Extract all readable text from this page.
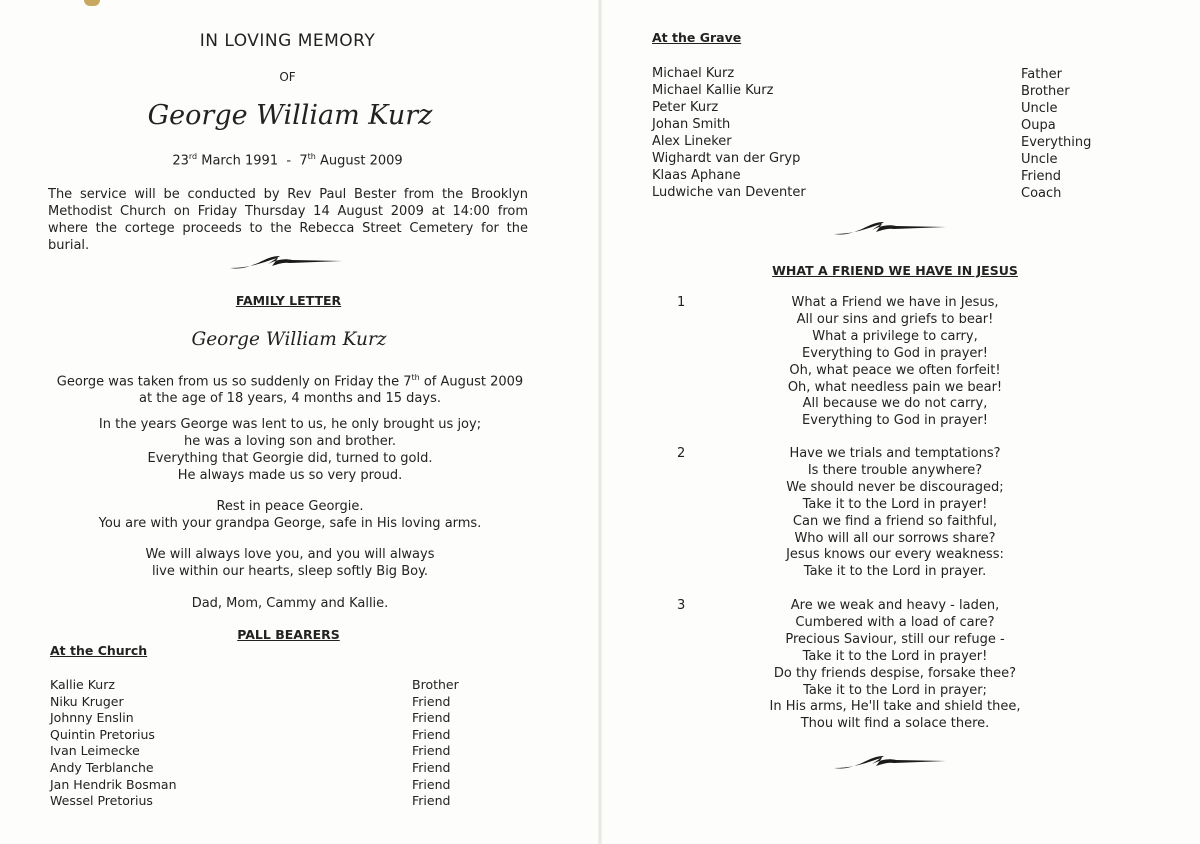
IN LOVING MEMORY
OF
George William Kurz
23rd March 1991  -  7th August 2009
The service will be conducted by Rev Paul Bester from the Brooklyn Methodist Church on Friday Thursday 14 August 2009 at 14:00 from where the cortege proceeds to the Rebecca Street Cemetery for the burial.
FAMILY LETTER
George William Kurz
George was taken from us so suddenly on Friday the 7th of August 2009
at the age of 18 years, 4 months and 15 days.
In the years George was lent to us, he only brought us joy;
he was a loving son and brother.
Everything that Georgie did, turned to gold.
He always made us so very proud.
Rest in peace Georgie.
You are with your grandpa George, safe in His loving arms.
We will always love you, and you will always
live within our hearts, sleep softly Big Boy.
Dad, Mom, Cammy and Kallie.
PALL BEARERS
At the Church
Kallie Kurz	Brother
Niku Kruger	Friend
Johnny Enslin	Friend
Quintin Pretorius	Friend
Ivan Leimecke	Friend
Andy Terblanche	Friend
Jan Hendrik Bosman	Friend
Wessel Pretorius	Friend
At the Grave
Michael Kurz	Father
Michael Kallie Kurz	Brother
Peter Kurz	Uncle
Johan Smith	Oupa
Alex Lineker	Everything
Wighardt van der Gryp	Uncle
Klaas Aphane	Friend
Ludwiche van Deventer	Coach
WHAT A FRIEND WE HAVE IN JESUS
1	What a Friend we have in Jesus,
All our sins and griefs to bear!
What a privilege to carry,
Everything to God in prayer!
Oh, what peace we often forfeit!
Oh, what needless pain we bear!
All because we do not carry,
Everything to God in prayer!
2	Have we trials and temptations?
Is there trouble anywhere?
We should never be discouraged;
Take it to the Lord in prayer!
Can we find a friend so faithful,
Who will all our sorrows share?
Jesus knows our every weakness:
Take it to the Lord in prayer.
3	Are we weak and heavy - laden,
Cumbered with a load of care?
Precious Saviour, still our refuge -
Take it to the Lord in prayer!
Do thy friends despise, forsake thee?
Take it to the Lord in prayer;
In His arms, He'll take and shield thee,
Thou wilt find a solace there.
